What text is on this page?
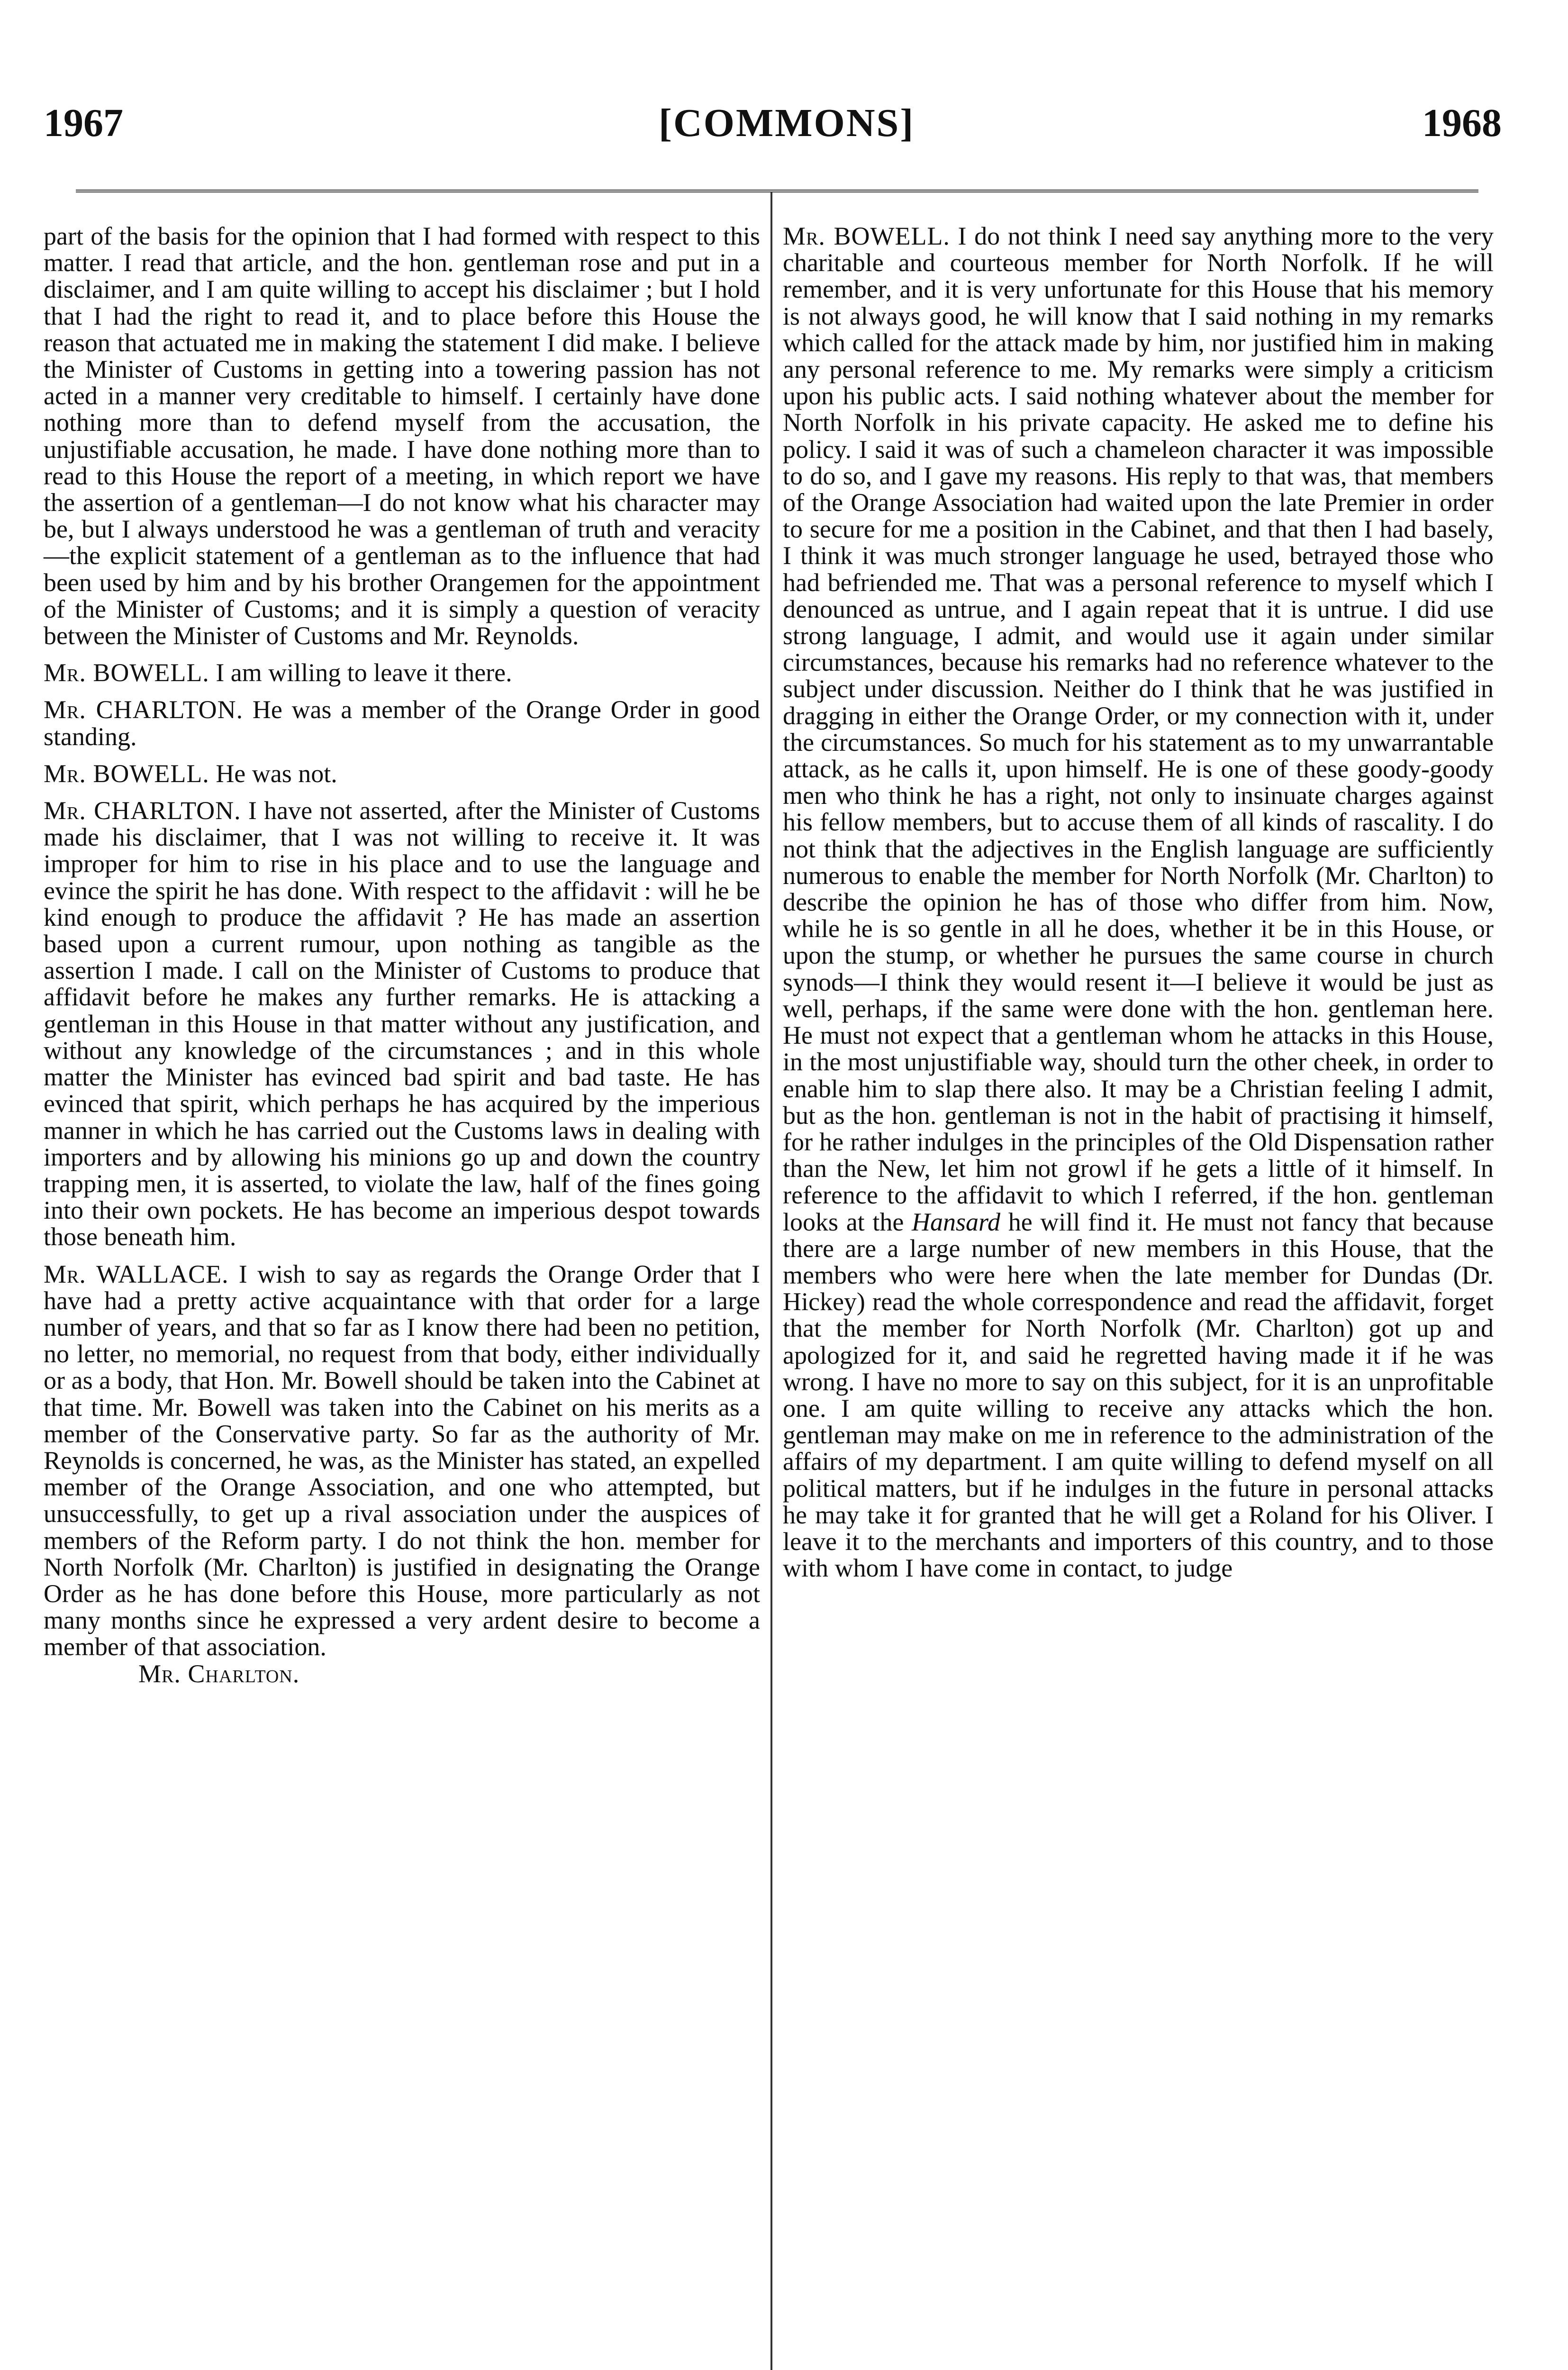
1967	[COMMONS]	1968

part of the basis for the opinion that I had formed with respect to this matter. I read that article, and the hon. gentleman rose and put in a disclaimer, and I am quite willing to accept his disclaimer ; but I hold that I had the right to read it, and to place before this House the reason that actuated me in making the statement I did make. I believe the Minister of Customs in getting into a towering passion has not acted in a manner very creditable to himself. I certainly have done nothing more than to defend myself from the accusation, the unjustifiable accusation, he made. I have done nothing more than to read to this House the report of a meeting, in which report we have the assertion of a gentleman—I do not know what his character may be, but I always understood he was a gentleman of truth and veracity—the explicit statement of a gentleman as to the influence that had been used by him and by his brother Orangemen for the appointment of the Minister of Customs; and it is simply a question of veracity between the Minister of Customs and Mr. Reynolds.

Mr. BOWELL. I am willing to leave it there.

Mr. CHARLTON. He was a member of the Orange Order in good standing.

Mr. BOWELL. He was not.

Mr. CHARLTON. I have not asserted, after the Minister of Customs made his disclaimer, that I was not willing to receive it. It was improper for him to rise in his place and to use the language and evince the spirit he has done. With respect to the affidavit : will he be kind enough to produce the affidavit ? He has made an assertion based upon a current rumour, upon nothing as tangible as the assertion I made. I call on the Minister of Customs to produce that affidavit before he makes any further remarks. He is attacking a gentleman in this House in that matter without any justification, and without any knowledge of the circumstances ; and in this whole matter the Minister has evinced bad spirit and bad taste. He has evinced that spirit, which perhaps he has acquired by the imperious manner in which he has carried out the Customs laws in dealing with importers and by allowing his minions go up and down the country trapping men, it is asserted, to violate the law, half of the fines going into their own pockets. He has become an imperious despot towards those beneath him.

Mr. WALLACE. I wish to say as regards the Orange Order that I have had a pretty active acquaintance with that order for a large number of years, and that so far as I know there had been no petition, no letter, no memorial, no request from that body, either individually or as a body, that Hon. Mr. Bowell should be taken into the Cabinet at that time. Mr. Bowell was taken into the Cabinet on his merits as a member of the Conservative party. So far as the authority of Mr. Reynolds is concerned, he was, as the Minister has stated, an expelled member of the Orange Association, and one who attempted, but unsuccessfully, to get up a rival association under the auspices of members of the Reform party. I do not think the hon. member for North Norfolk (Mr. Charlton) is justified in designating the Orange Order as he has done before this House, more particularly as not many months since he expressed a very ardent desire to become a member of that association.

Mr. Charlton.

Mr. BOWELL. I do not think I need say anything more to the very charitable and courteous member for North Norfolk. If he will remember, and it is very unfortunate for this House that his memory is not always good, he will know that I said nothing in my remarks which called for the attack made by him, nor justified him in making any personal reference to me. My remarks were simply a criticism upon his public acts. I said nothing whatever about the member for North Norfolk in his private capacity. He asked me to define his policy. I said it was of such a chameleon character it was impossible to do so, and I gave my reasons. His reply to that was, that members of the Orange Association had waited upon the late Premier in order to secure for me a position in the Cabinet, and that then I had basely, I think it was much stronger language he used, betrayed those who had befriended me. That was a personal reference to myself which I denounced as untrue, and I again repeat that it is untrue. I did use strong language, I admit, and would use it again under similar circumstances, because his remarks had no reference whatever to the subject under discussion. Neither do I think that he was justified in dragging in either the Orange Order, or my connection with it, under the circumstances. So much for his statement as to my unwarrantable attack, as he calls it, upon himself. He is one of these goody-goody men who think he has a right, not only to insinuate charges against his fellow members, but to accuse them of all kinds of rascality. I do not think that the adjectives in the English language are sufficiently numerous to enable the member for North Norfolk (Mr. Charlton) to describe the opinion he has of those who differ from him. Now, while he is so gentle in all he does, whether it be in this House, or upon the stump, or whether he pursues the same course in church synods—I think they would resent it—I believe it would be just as well, perhaps, if the same were done with the hon. gentleman here. He must not expect that a gentleman whom he attacks in this House, in the most unjustifiable way, should turn the other cheek, in order to enable him to slap there also. It may be a Christian feeling I admit, but as the hon. gentleman is not in the habit of practising it himself, for he rather indulges in the principles of the Old Dispensation rather than the New, let him not growl if he gets a little of it himself. In reference to the affidavit to which I referred, if the hon. gentleman looks at the Hansard he will find it. He must not fancy that because there are a large number of new members in this House, that the members who were here when the late member for Dundas (Dr. Hickey) read the whole correspondence and read the affidavit, forget that the member for North Norfolk (Mr. Charlton) got up and apologized for it, and said he regretted having made it if he was wrong. I have no more to say on this subject, for it is an unprofitable one. I am quite willing to receive any attacks which the hon. gentleman may make on me in reference to the administration of the affairs of my department. I am quite willing to defend myself on all political matters, but if he indulges in the future in personal attacks he may take it for granted that he will get a Roland for his Oliver. I leave it to the merchants and importers of this country, and to those with whom I have come in contact, to judge
